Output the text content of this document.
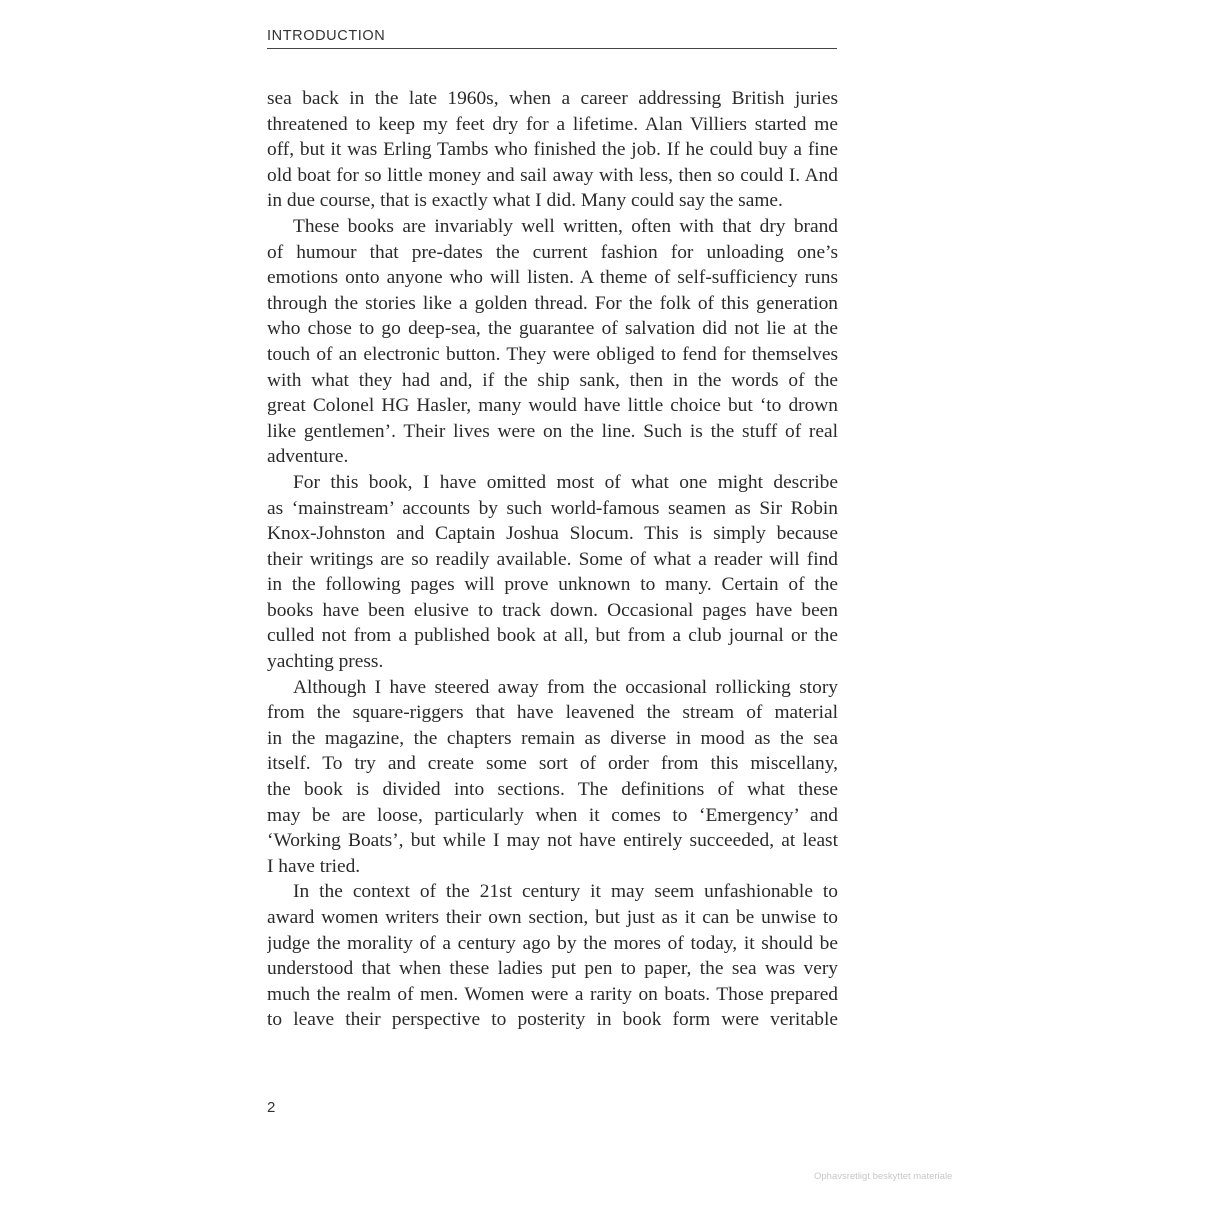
INTRODUCTION
sea back in the late 1960s, when a career addressing British juries
threatened to keep my feet dry for a lifetime. Alan Villiers started me
off, but it was Erling Tambs who finished the job. If he could buy a fine
old boat for so little money and sail away with less, then so could I. And
in due course, that is exactly what I did. Many could say the same.
These books are invariably well written, often with that dry brand
of humour that pre-dates the current fashion for unloading one’s
emotions onto anyone who will listen. A theme of self-sufficiency runs
through the stories like a golden thread. For the folk of this generation
who chose to go deep-sea, the guarantee of salvation did not lie at the
touch of an electronic button. They were obliged to fend for themselves
with what they had and, if the ship sank, then in the words of the
great Colonel HG Hasler, many would have little choice but ‘to drown
like gentlemen’. Their lives were on the line. Such is the stuff of real
adventure.
For this book, I have omitted most of what one might describe
as ‘mainstream’ accounts by such world-famous seamen as Sir Robin
Knox-Johnston and Captain Joshua Slocum. This is simply because
their writings are so readily available. Some of what a reader will find
in the following pages will prove unknown to many. Certain of the
books have been elusive to track down. Occasional pages have been
culled not from a published book at all, but from a club journal or the
yachting press.
Although I have steered away from the occasional rollicking story
from the square-riggers that have leavened the stream of material
in the magazine, the chapters remain as diverse in mood as the sea
itself. To try and create some sort of order from this miscellany,
the book is divided into sections. The definitions of what these
may be are loose, particularly when it comes to ‘Emergency’ and
‘Working Boats’, but while I may not have entirely succeeded, at least
I have tried.
In the context of the 21st century it may seem unfashionable to
award women writers their own section, but just as it can be unwise to
judge the morality of a century ago by the mores of today, it should be
understood that when these ladies put pen to paper, the sea was very
much the realm of men. Women were a rarity on boats. Those prepared
to leave their perspective to posterity in book form were veritable
2
Ophavsretligt beskyttet materiale
